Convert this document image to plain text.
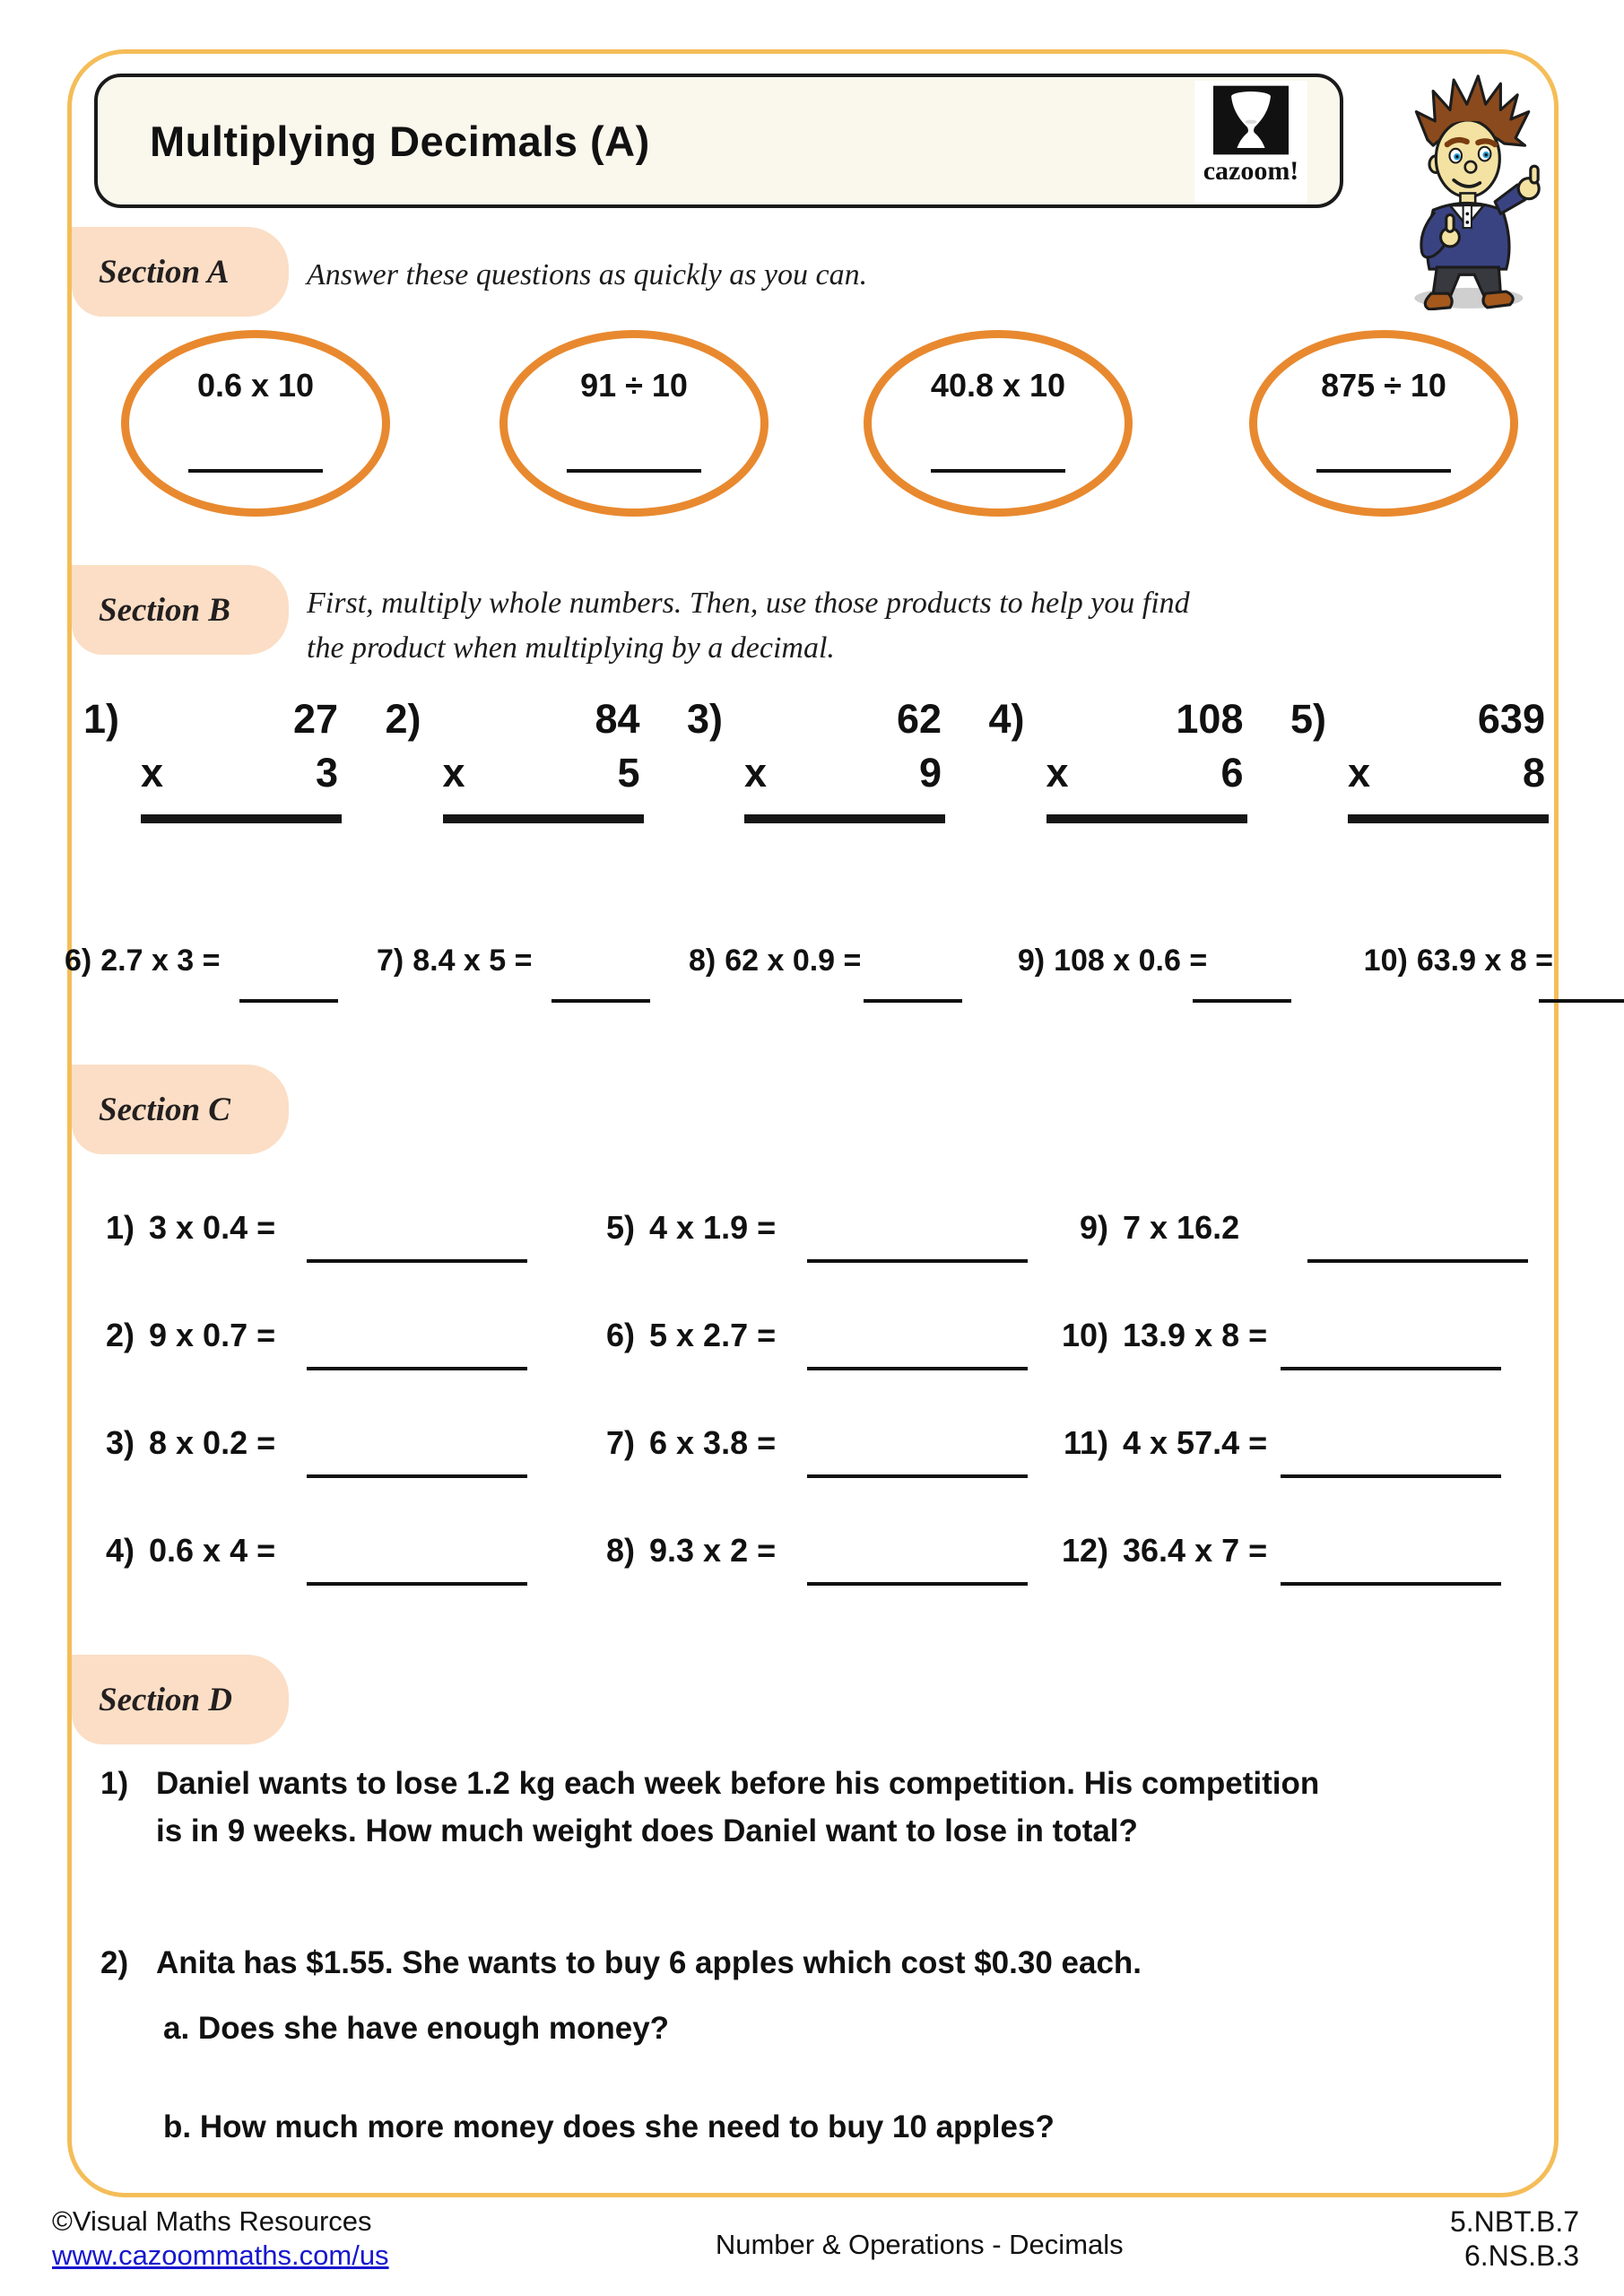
Multiplying Decimals (A)
cazoom!
Section A	Answer these questions as quickly as you can.
0.6 x 10	91 ÷ 10	40.8 x 10	875 ÷ 10
Section B	First, multiply whole numbers. Then, use those products to help you find
the product when multiplying by a decimal.
1)	27
x	3
2)	84
x	5
3)	62
x	9
4)	108
x	6
5)	639
x	8
6) 2.7 x 3 =	7) 8.4 x 5 =	8) 62 x 0.9 =	9) 108 x 0.6 =	10) 63.9 x 8 =
Section C
1) 3 x 0.4 =	5) 4 x 1.9 =	9) 7 x 16.2
2) 9 x 0.7 =	6) 5 x 2.7 =	10) 13.9 x 8 =
3) 8 x 0.2 =	7) 6 x 3.8 =	11) 4 x 57.4 =
4) 0.6 x 4 =	8) 9.3 x 2 =	12) 36.4 x 7 =
Section D
1) Daniel wants to lose 1.2 kg each week before his competition. His competition
is in 9 weeks. How much weight does Daniel want to lose in total?
2) Anita has $1.55. She wants to buy 6 apples which cost $0.30 each.
a. Does she have enough money?
b. How much more money does she need to buy 10 apples?
©Visual Maths Resources
www.cazoommaths.com/us	Number & Operations - Decimals
5.NBT.B.7
6.NS.B.3
